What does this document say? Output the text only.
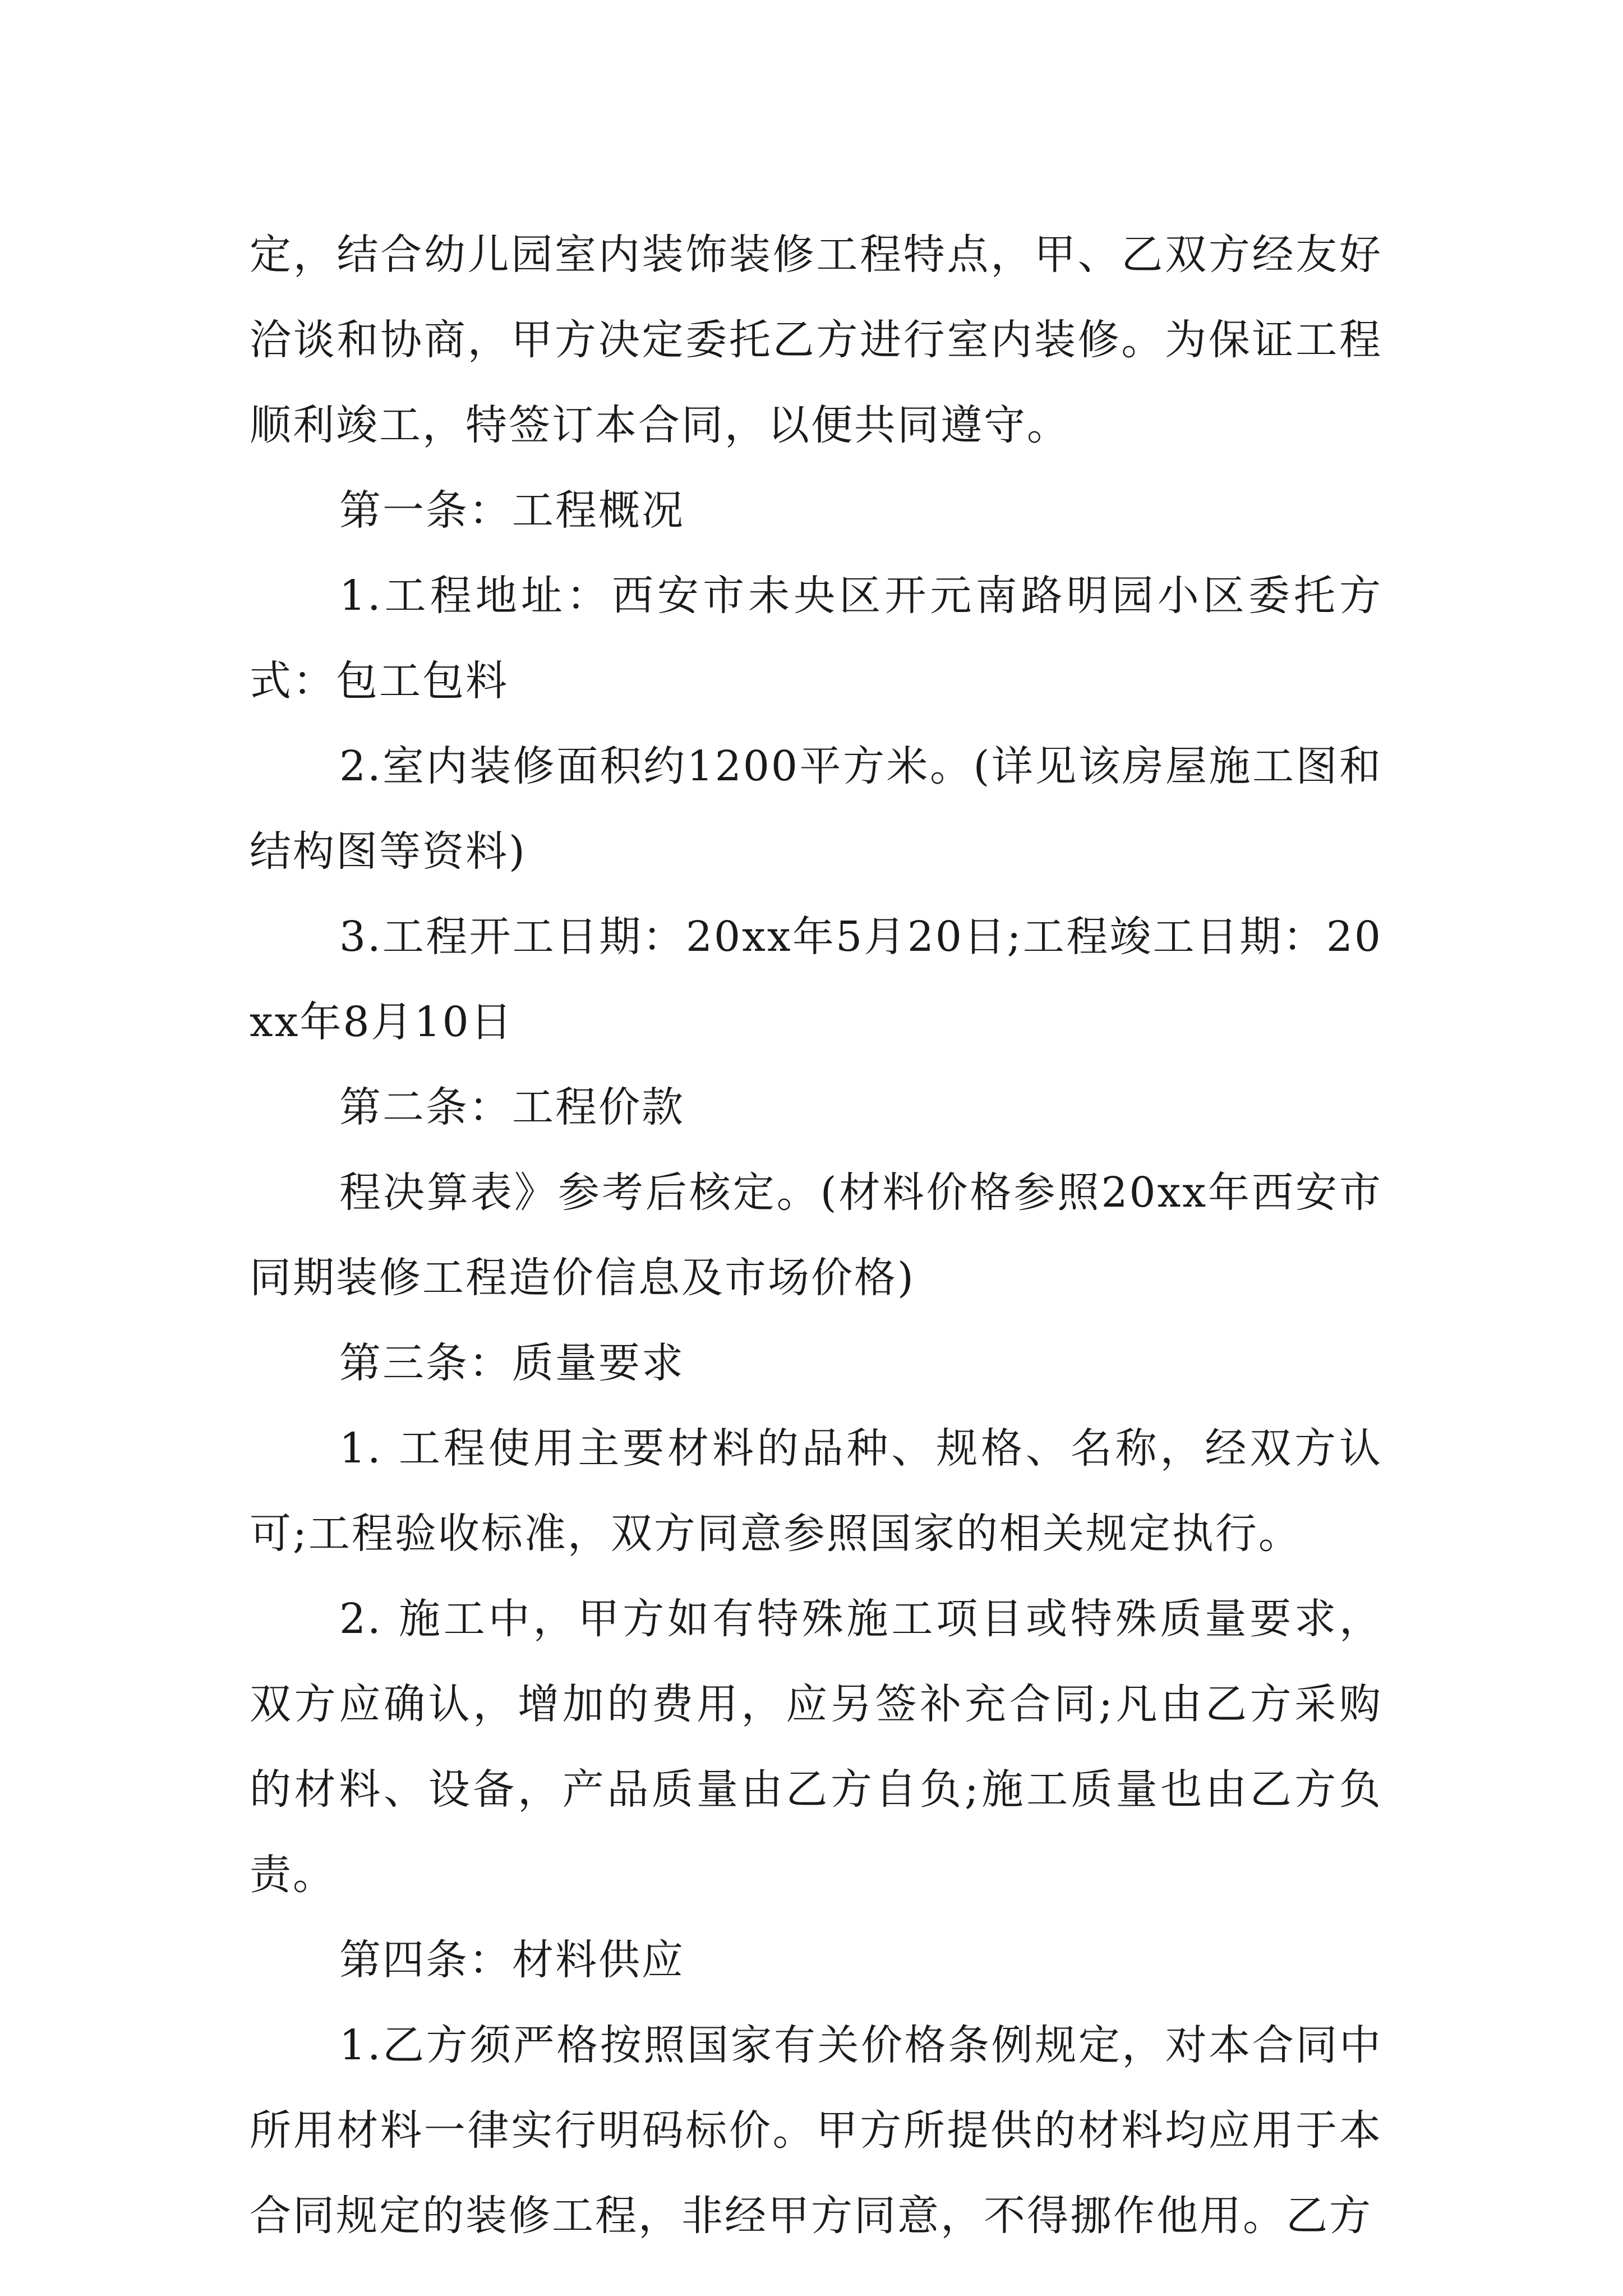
定，结合幼儿园室内装饰装修工程特点，甲、乙双方经友好洽谈和协商，甲方决定委托乙方进行室内装修。为保证工程顺利竣工，特签订本合同，以便共同遵守。

第一条：工程概况

1.工程地址：西安市未央区开元南路明园小区委托方式：包工包料

2.室内装修面积约1200平方米。(详见该房屋施工图和结构图等资料)

3.工程开工日期：20xx年5月20日;工程竣工日期：20xx年8月10日

第二条：工程价款

程决算表》参考后核定。(材料价格参照20xx年西安市同期装修工程造价信息及市场价格)

第三条：质量要求

1. 工程使用主要材料的品种、规格、名称，经双方认可;工程验收标准，双方同意参照国家的相关规定执行。

2. 施工中，甲方如有特殊施工项目或特殊质量要求，双方应确认，增加的费用，应另签补充合同;凡由乙方采购的材料、设备，产品质量由乙方自负;施工质量也由乙方负责。

第四条：材料供应

1.乙方须严格按照国家有关价格条例规定，对本合同中所用材料一律实行明码标价。甲方所提供的材料均应用于本合同规定的装修工程，非经甲方同意，不得挪作他用。乙方
